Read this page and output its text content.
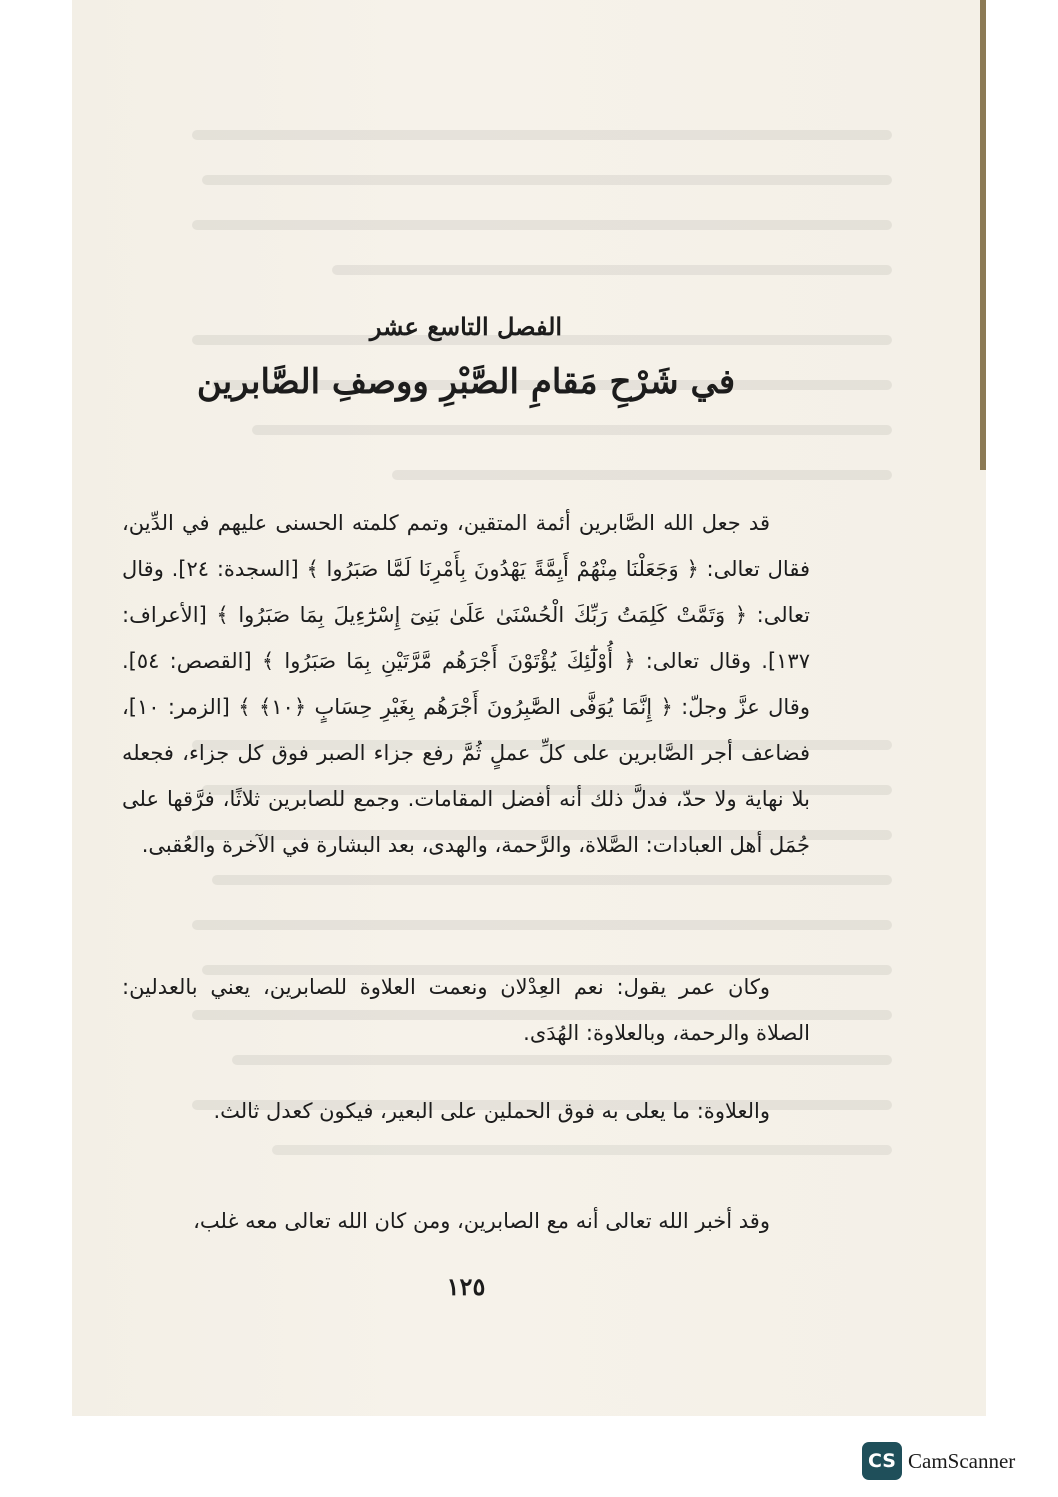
الفصل التاسع عشر
في شَرْحِ مَقامِ الصَّبْرِ ووصفِ الصَّابرين

قد جعل الله الصَّابرين أئمة المتقين، وتمم كلمته الحسنى عليهم في الدِّين، فقال تعالى: ﴿ وَجَعَلْنَا مِنْهُمْ أَيِمَّةً يَهْدُونَ بِأَمْرِنَا لَمَّا صَبَرُوا ﴾ [السجدة: ٢٤]. وقال تعالى: ﴿ وَتَمَّتْ كَلِمَتُ رَبِّكَ الْحُسْنَىٰ عَلَىٰ بَنِىٓ إِسْرَٰٓءِيلَ بِمَا صَبَرُوا ﴾ [الأعراف: ١٣٧]. وقال تعالى: ﴿ أُوْلَٰٓئِكَ يُؤْتَوْنَ أَجْرَهُم مَّرَّتَيْنِ بِمَا صَبَرُوا ﴾ [القصص: ٥٤]. وقال عزَّ وجلّ: ﴿ إِنَّمَا يُوَفَّى الصَّٰبِرُونَ أَجْرَهُم بِغَيْرِ حِسَابٍ ﴿١٠﴾ ﴾ [الزمر: ١٠]، فضاعف أجر الصَّابرين على كلِّ عملٍ ثُمَّ رفع جزاء الصبر فوق كل جزاء، فجعله بلا نهاية ولا حدّ، فدلَّ ذلك أنه أفضل المقامات. وجمع للصابرين ثلاثًا، فرَّقها على جُمَل أهل العبادات: الصَّلاة، والرَّحمة، والهدى، بعد البشارة في الآخرة والعُقبى.

وكان عمر يقول: نعم العِدْلان ونعمت العلاوة للصابرين، يعني بالعدلين: الصلاة والرحمة، وبالعلاوة: الهُدَى.

والعلاوة: ما يعلى به فوق الحملين على البعير، فيكون كعدل ثالث.

وقد أخبر الله تعالى أنه مع الصابرين، ومن كان الله تعالى معه غلب،

١٢٥
CS CamScanner
